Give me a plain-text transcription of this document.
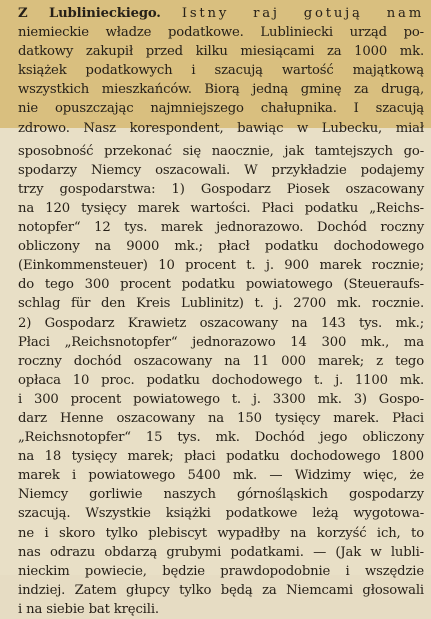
Z Lublinieckiego. Istny raj gotują nam
niemieckie władze podatkowe. Lubliniecki urząd po-
datkowy zakupił przed kilku miesiącami za 1000 mk.
książek podatkowych i szacują wartość majątkową
wszystkich mieszkańców. Biorą jedną gminę za drugą,
nie opuszczając najmniejszego chałupnika. I szacują
zdrowo. Nasz korespondent, bawiąc w Lubecku, miał
sposobność przekonać się naocznie, jak tamtejszych go-
spodarzy Niemcy oszacowali. W przykładzie podajemy
trzy gospodarstwa: 1) Gospodarz Piosek oszacowany
na 120 tysięcy marek wartości. Płaci podatku „Reichs-
notopfer“ 12 tys. marek jednorazowo. Dochód roczny
obliczony na 9000 mk.; płacł podatku dochodowego
(Einkommensteuer) 10 procent t. j. 900 marek rocznie;
do tego 300 procent podatku powiatowego (Steueraufs-
schlag für den Kreis Lublinitz) t. j. 2700 mk. rocznie.
2) Gospodarz Krawietz oszacowany na 143 tys. mk.;
Płaci „Reichsnotopfer“ jednorazowo 14 300 mk., ma
roczny dochód oszacowany na 11 000 marek; z tego
opłaca 10 proc. podatku dochodowego t. j. 1100 mk.
i 300 procent powiatowego t. j. 3300 mk. 3) Gospo-
darz Henne oszacowany na 150 tysięcy marek. Płaci
„Reichsnotopfer“ 15 tys. mk. Dochód jego obliczony
na 18 tysięcy marek; płaci podatku dochodowego 1800
marek i powiatowego 5400 mk. — Widzimy więc, że
Niemcy gorliwie naszych górnośląskich gospodarzy
szacują. Wszystkie książki podatkowe leżą wygotowa-
ne i skoro tylko plebiscyt wypadłby na korzyść ich, to
nas odrazu obdarzą grubymi podatkami. — (Jak w lubli-
nieckim powiecie, będzie prawdopodobnie i wszędzie
indziej. Zatem głupcy tylko będą za Niemcami głosowali
i na siebie bat kręcili.
